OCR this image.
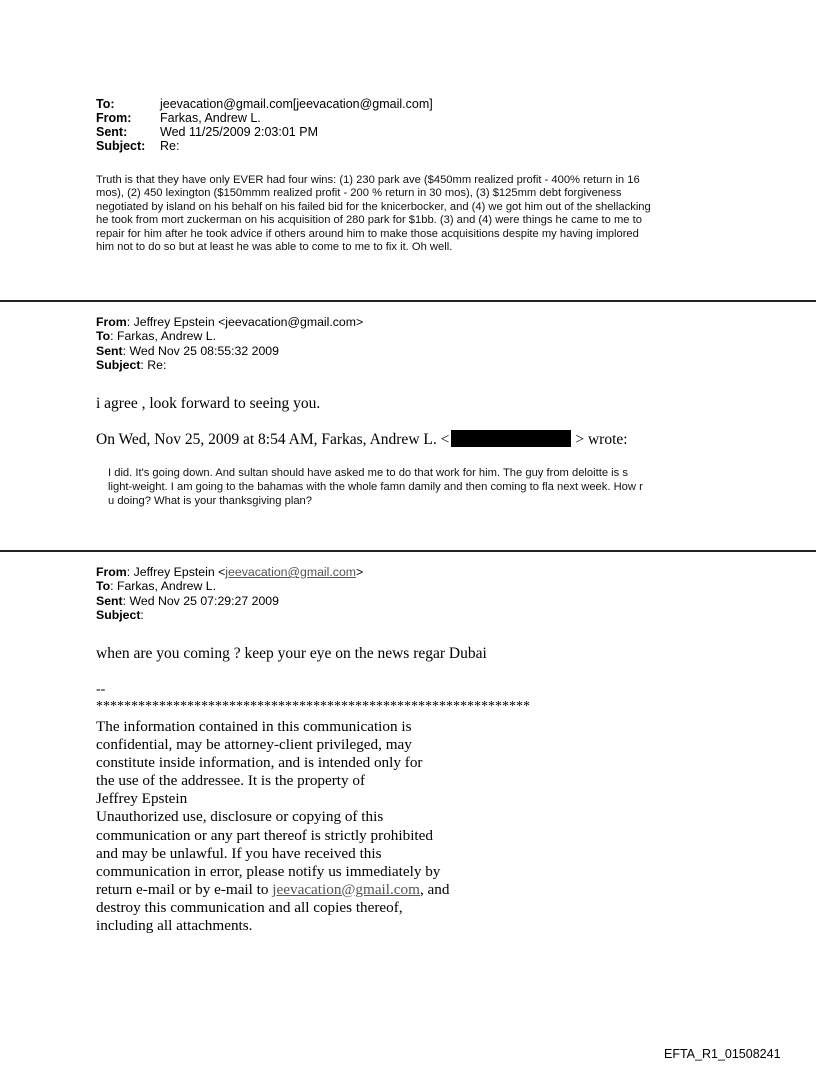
To:	jeevacation@gmail.com[jeevacation@gmail.com]
From:	Farkas, Andrew L.
Sent:	Wed 11/25/2009 2:03:01 PM
Subject:	Re:
Truth is that they have only EVER had four wins: (1) 230 park ave ($450mm realized profit - 400% return in 16
mos), (2) 450 lexington ($150mmm realized profit - 200 % return in 30 mos), (3) $125mm debt forgiveness
negotiated by island on his behalf on his failed bid for the knicerbocker, and (4) we got him out of the shellacking
he took from mort zuckerman on his acquisition of 280 park for $1bb. (3) and (4) were things he came to me to
repair for him after he took advice if others around him to make those acquisitions despite my having implored
him not to do so but at least he was able to come to me to fix it. Oh well.
From: Jeffrey Epstein <jeevacation@gmail.com>
To: Farkas, Andrew L.
Sent: Wed Nov 25 08:55:32 2009
Subject: Re:
i agree , look forward to seeing you.
On Wed, Nov 25, 2009 at 8:54 AM, Farkas, Andrew L. <	> wrote:
I did. It's going down. And sultan should have asked me to do that work for him. The guy from deloitte is s
light-weight. I am going to the bahamas with the whole famn damily and then coming to fla next week. How r
u doing? What is your thanksgiving plan?
From: Jeffrey Epstein <jeevacation@gmail.com>
To: Farkas, Andrew L.
Sent: Wed Nov 25 07:29:27 2009
Subject:
when are you coming ? keep your eye on the news regar Dubai
--
**************************************************************
The information contained in this communication is
confidential, may be attorney-client privileged, may
constitute inside information, and is intended only for
the use of the addressee. It is the property of
Jeffrey Epstein
Unauthorized use, disclosure or copying of this
communication or any part thereof is strictly prohibited
and may be unlawful. If you have received this
communication in error, please notify us immediately by
return e-mail or by e-mail to jeevacation@gmail.com, and
destroy this communication and all copies thereof,
including all attachments.
EFTA_R1_01508241
